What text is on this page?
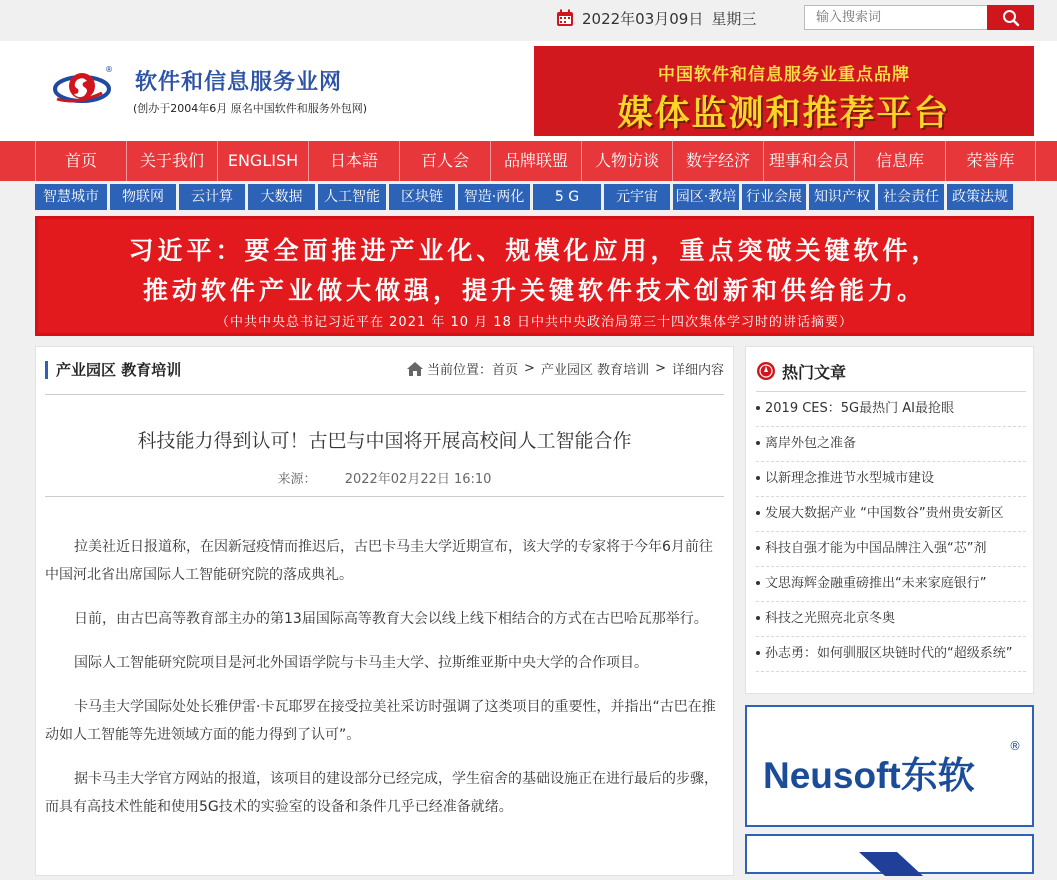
2022年03月09日 星期三
输入搜索词
®
软件和信息服务业网
(创办于2004年6月 原名中国软件和服务外包网)
中国软件和信息服务业重点品牌
媒体监测和推荐平台
首页	关于我们	ENGLISH	日本語	百人会	品牌联盟	人物访谈	数字经济	理事和会员	信息库	荣誉库
智慧城市	物联网	云计算	大数据	人工智能	区块链	智造·两化	5 G	元宇宙	园区·教培 行业会展 知识产权 社会责任 政策法规
习近平：要全面推进产业化、规模化应用，重点突破关键软件，
推动软件产业做大做强，提升关键软件技术创新和供给能力。
（中共中央总书记习近平在 2021 年 10 月 18 日中共中央政治局第三十四次集体学习时的讲话摘要）
产业园区 教育培训	当前位置： 首页 > 产业园区 教育培训 > 详细内容
科技能力得到认可！古巴与中国将开展高校间人工智能合作
来源： 2022年02月22日 16:10

拉美社近日报道称，在因新冠疫情而推迟后，古巴卡马圭大学近期宣布，该大学的专家将于今年6月前往中国河北省出席国际人工智能研究院的落成典礼。

日前，由古巴高等教育部主办的第13届国际高等教育大会以线上线下相结合的方式在古巴哈瓦那举行。

国际人工智能研究院项目是河北外国语学院与卡马圭大学、拉斯维亚斯中央大学的合作项目。

卡马圭大学国际处处长雅伊雷·卡瓦耶罗在接受拉美社采访时强调了这类项目的重要性，并指出“古巴在推动如人工智能等先进领域方面的能力得到了认可”。

据卡马圭大学官方网站的报道，该项目的建设部分已经完成，学生宿舍的基础设施正在进行最后的步骤，而具有高技术性能和使用5G技术的实验室的设备和条件几乎已经准备就绪。

热门文章
2019 CES：5G最热门 AI最抢眼
离岸外包之准备
以新理念推进节水型城市建设
发展大数据产业 “中国数谷”贵州贵安新区
科技自强才能为中国品牌注入强“芯”剂
文思海辉金融重磅推出“未来家庭银行”
科技之光照亮北京冬奥
孙志勇：如何驯服区块链时代的“超级系统”
Neusoft东软
®
